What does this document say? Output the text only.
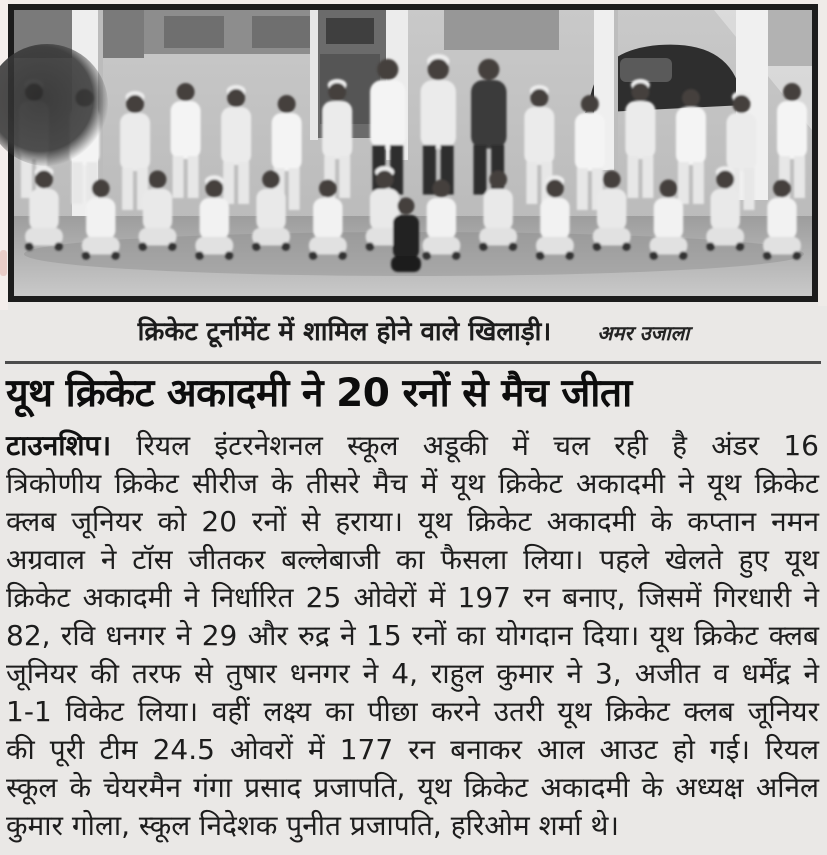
क्रिकेट टूर्नामेंट में शामिल होने वाले खिलाड़ी। अमर उजाला
यूथ क्रिकेट अकादमी ने 20 रनों से मैच जीता
टाउनशिप। रियल इंटरनेशनल स्कूल अडूकी में चल रही है अंडर 16
त्रिकोणीय क्रिकेट सीरीज के तीसरे मैच में यूथ क्रिकेट अकादमी ने यूथ क्रिकेट
क्लब जूनियर को 20 रनों से हराया। यूथ क्रिकेट अकादमी के कप्तान नमन
अग्रवाल ने टॉस जीतकर बल्लेबाजी का फैसला लिया। पहले खेलते हुए यूथ
क्रिकेट अकादमी ने निर्धारित 25 ओवेरों में 197 रन बनाए, जिसमें गिरधारी ने
82, रवि धनगर ने 29 और रुद्र ने 15 रनों का योगदान दिया। यूथ क्रिकेट क्लब
जूनियर की तरफ से तुषार धनगर ने 4, राहुल कुमार ने 3, अजीत व धर्मेंद्र ने
1-1 विकेट लिया। वहीं लक्ष्य का पीछा करने उतरी यूथ क्रिकेट क्लब जूनियर
की पूरी टीम 24.5 ओवरों में 177 रन बनाकर आल आउट हो गई। रियल
स्कूल के चेयरमैन गंगा प्रसाद प्रजापति, यूथ क्रिकेट अकादमी के अध्यक्ष अनिल
कुमार गोला, स्कूल निदेशक पुनीत प्रजापति, हरिओम शर्मा थे।
